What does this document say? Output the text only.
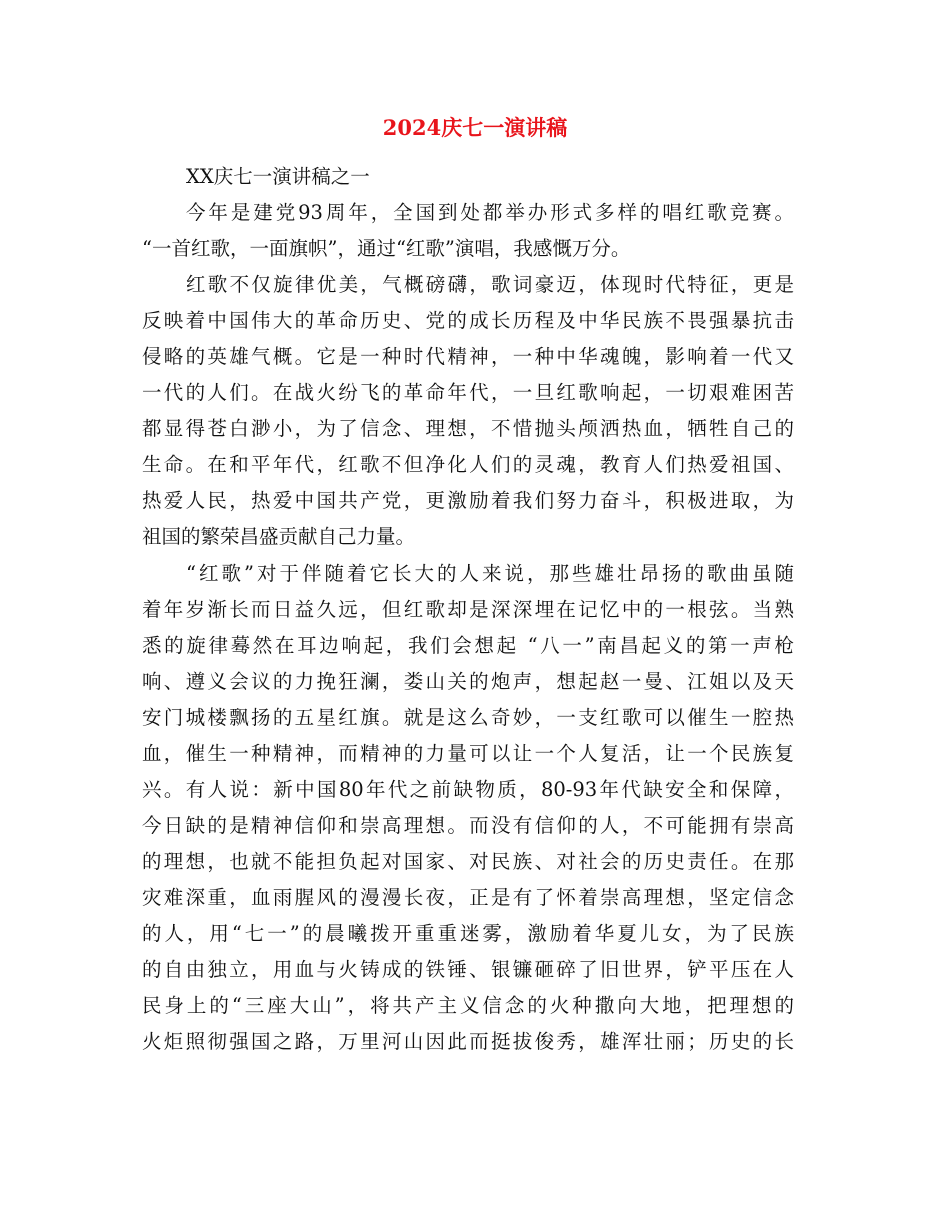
2024庆七一演讲稿
XX庆七一演讲稿之一
今年是建党93周年，全国到处都举办形式多样的唱红歌竞赛。
“一首红歌，一面旗帜”，通过“红歌”演唱，我感慨万分。
红歌不仅旋律优美，气概磅礴，歌词豪迈，体现时代特征，更是
反映着中国伟大的革命历史、党的成长历程及中华民族不畏强暴抗击
侵略的英雄气概。它是一种时代精神，一种中华魂魄，影响着一代又
一代的人们。在战火纷飞的革命年代，一旦红歌响起，一切艰难困苦
都显得苍白渺小，为了信念、理想，不惜抛头颅洒热血，牺牲自己的
生命。在和平年代，红歌不但净化人们的灵魂，教育人们热爱祖国、
热爱人民，热爱中国共产党，更激励着我们努力奋斗，积极进取，为
祖国的繁荣昌盛贡献自己力量。
“红歌”对于伴随着它长大的人来说，那些雄壮昂扬的歌曲虽随
着年岁渐长而日益久远，但红歌却是深深埋在记忆中的一根弦。当熟
悉的旋律蓦然在耳边响起，我们会想起 “八一”南昌起义的第一声枪
响、遵义会议的力挽狂澜，娄山关的炮声，想起赵一曼、江姐以及天
安门城楼飘扬的五星红旗。就是这么奇妙，一支红歌可以催生一腔热
血，催生一种精神，而精神的力量可以让一个人复活，让一个民族复
兴。有人说：新中国80年代之前缺物质，80-93年代缺安全和保障，
今日缺的是精神信仰和崇高理想。而没有信仰的人，不可能拥有崇高
的理想，也就不能担负起对国家、对民族、对社会的历史责任。在那
灾难深重，血雨腥风的漫漫长夜，正是有了怀着崇高理想，坚定信念
的人，用“七一”的晨曦拨开重重迷雾，激励着华夏儿女，为了民族
的自由独立，用血与火铸成的铁锤、银镰砸碎了旧世界，铲平压在人
民身上的“三座大山”，将共产主义信念的火种撒向大地，把理想的
火炬照彻强国之路，万里河山因此而挺拔俊秀，雄浑壮丽；历史的长
